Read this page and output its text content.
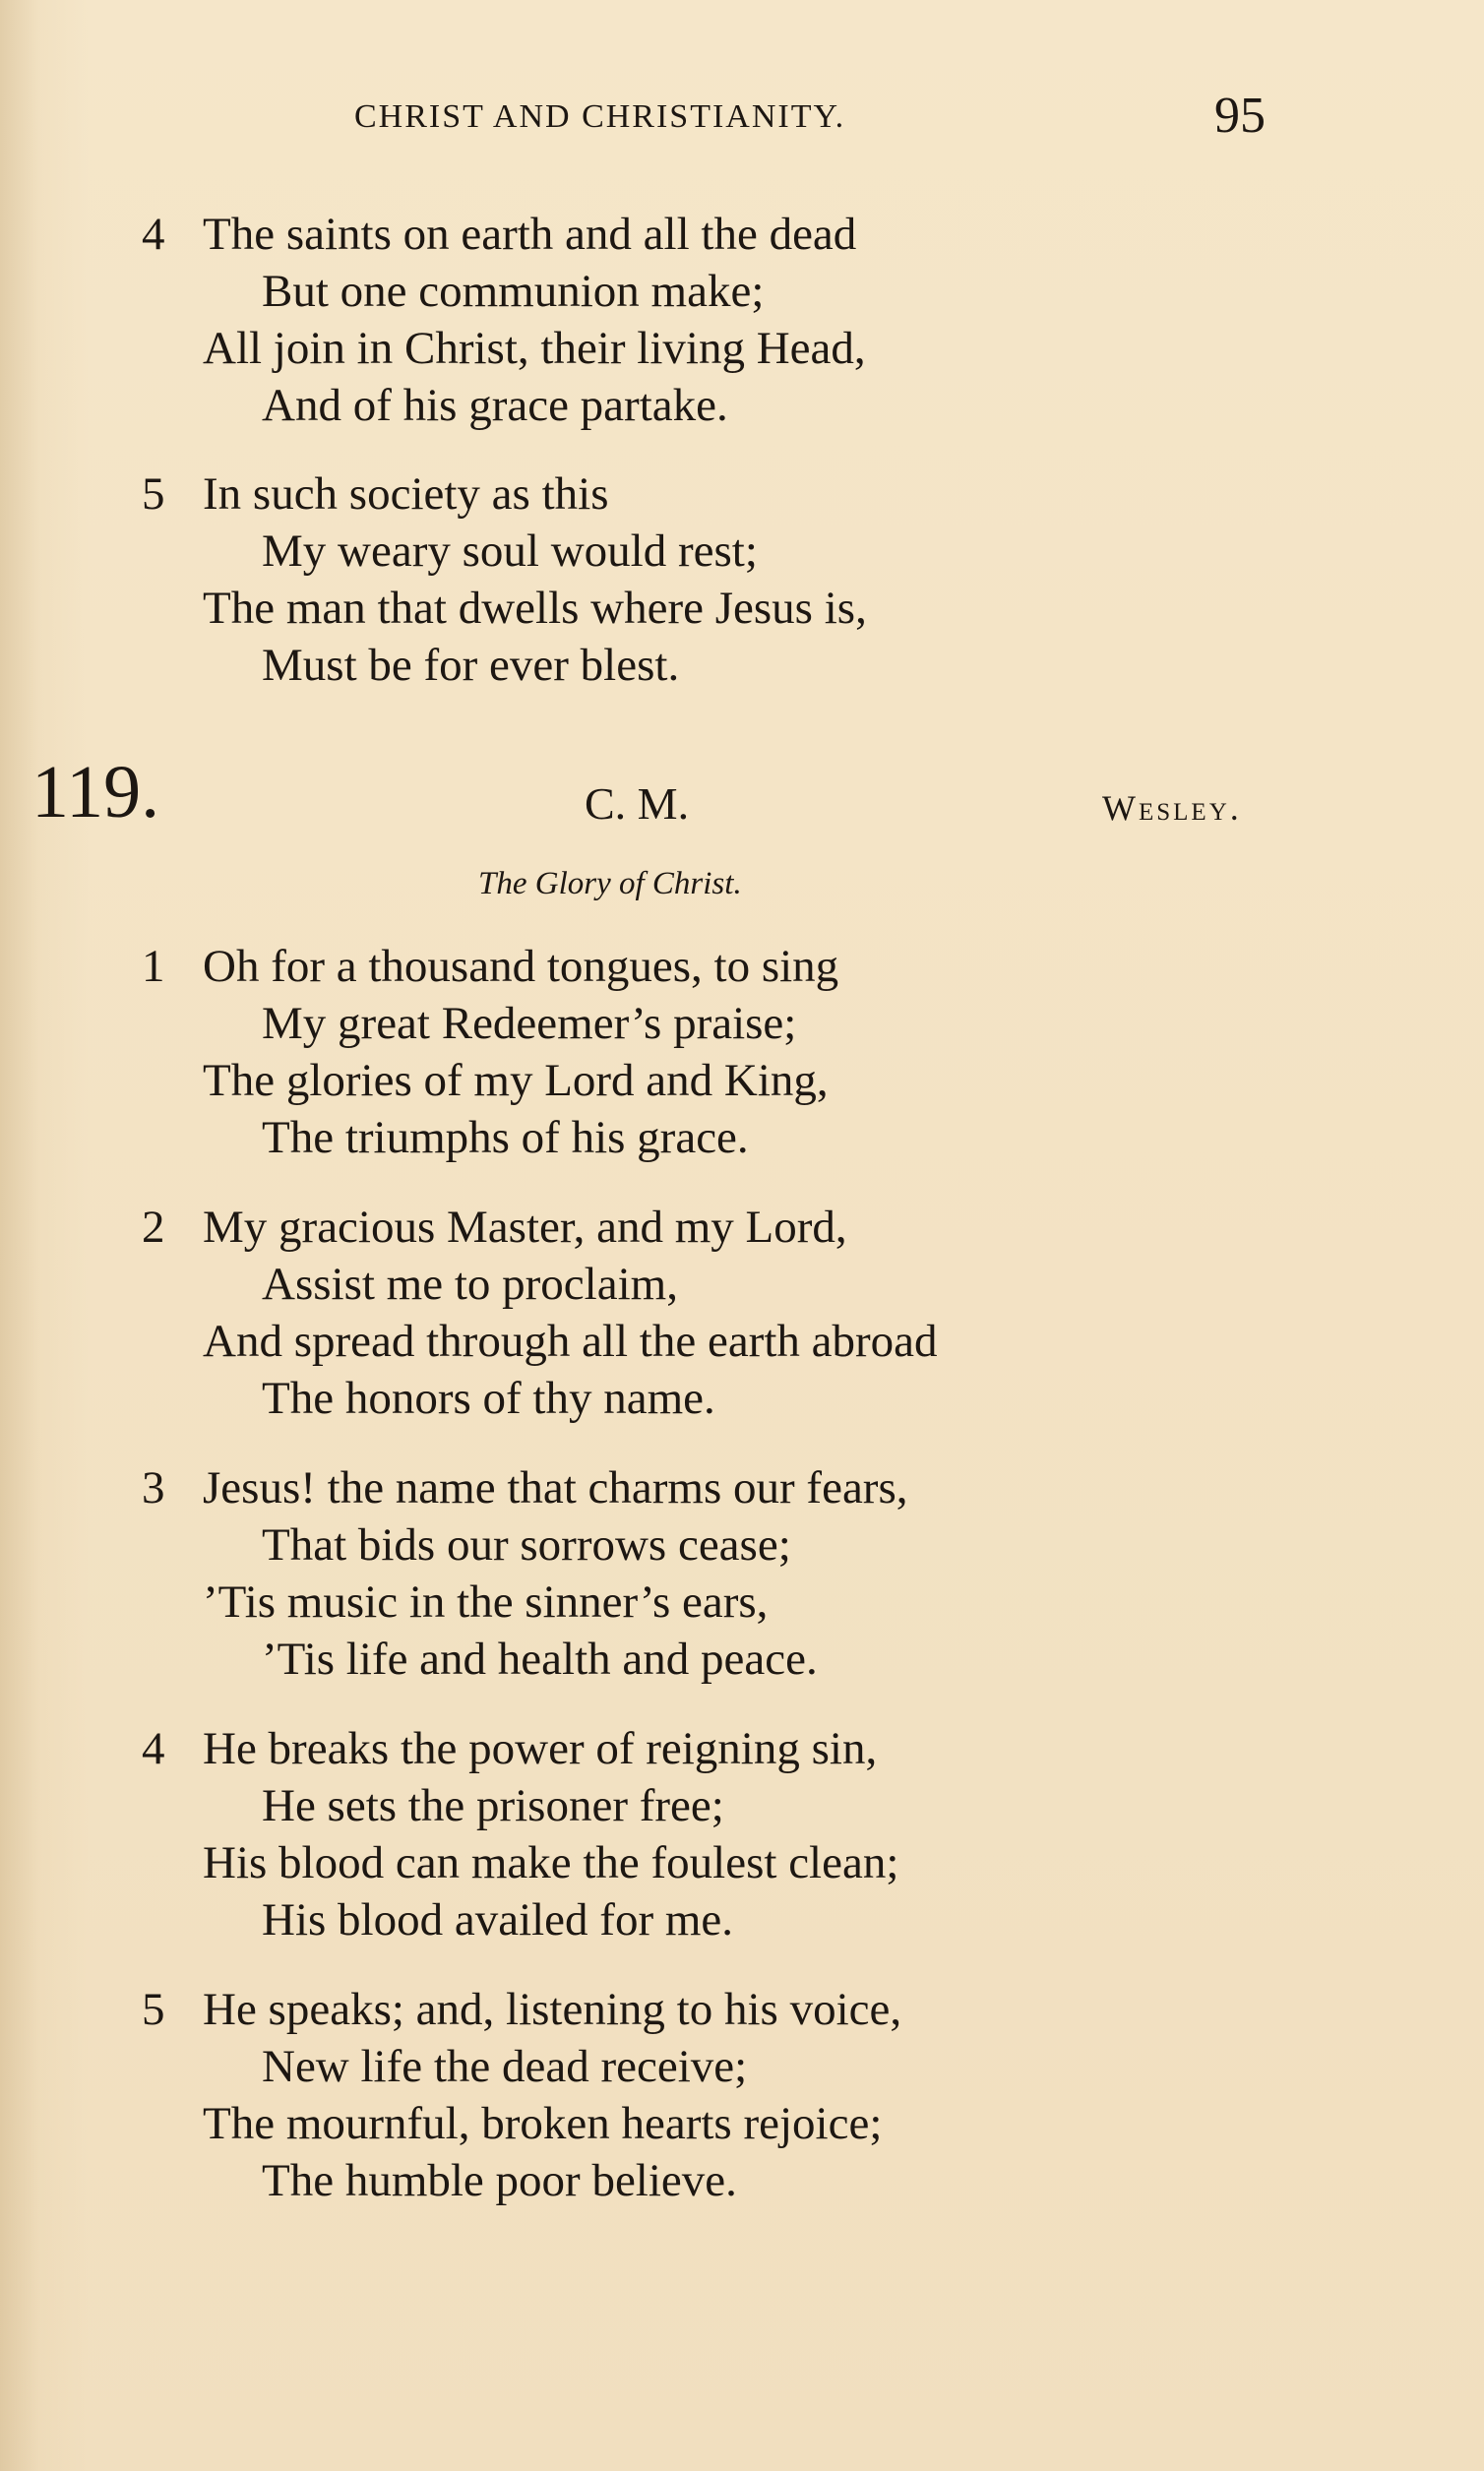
CHRIST AND CHRISTIANITY.	95
4 The saints on earth and all the dead
But one communion make;
All join in Christ, their living Head,
And of his grace partake.
5 In such society as this
My weary soul would rest;
The man that dwells where Jesus is,
Must be for ever blest.
119.	C. M.	Wesley.
The Glory of Christ.
1 Oh for a thousand tongues, to sing
My great Redeemer’s praise;
The glories of my Lord and King,
The triumphs of his grace.
2 My gracious Master, and my Lord,
Assist me to proclaim,
And spread through all the earth abroad
The honors of thy name.
3 Jesus! the name that charms our fears,
That bids our sorrows cease;
’Tis music in the sinner’s ears,
’Tis life and health and peace.
4 He breaks the power of reigning sin,
He sets the prisoner free;
His blood can make the foulest clean;
His blood availed for me.
5 He speaks; and, listening to his voice,
New life the dead receive;
The mournful, broken hearts rejoice;
The humble poor believe.
